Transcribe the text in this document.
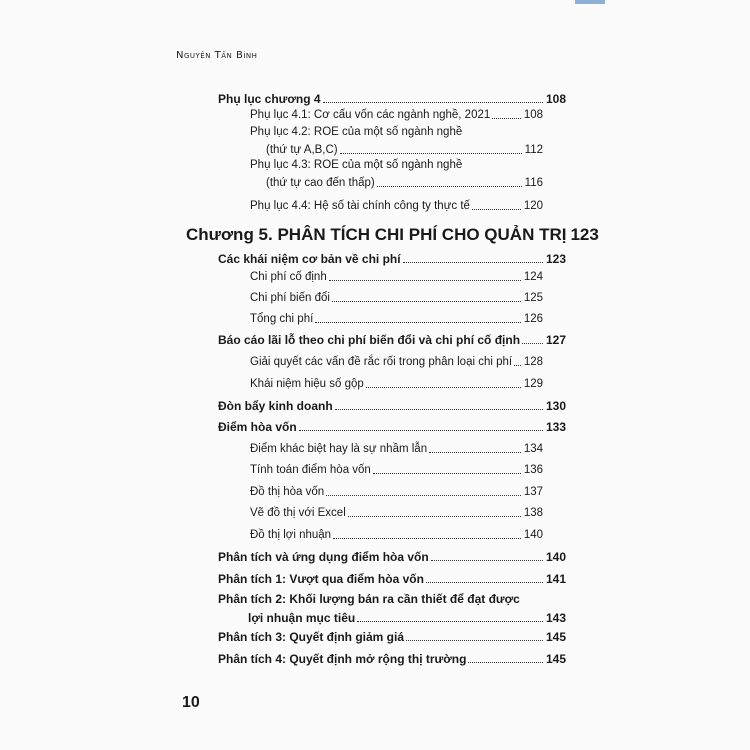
Nguyên Tấn Bình
Phụ lục chương 4	108
Phụ lục 4.1: Cơ cấu vốn các ngành nghề, 2021	108
Phụ lục 4.2: ROE của một số ngành nghề
(thứ tự A,B,C)	112
Phụ lục 4.3: ROE của một số ngành nghề
(thứ tự cao đến thấp)	116
Phụ lục 4.4: Hệ số tài chính công ty thực tế	120
Các khái niệm cơ bản về chi phí	123
Chi phí cố định	124
Chi phí biến đổi	125
Tổng chi phí	126
Báo cáo lãi lỗ theo chi phí biến đổi và chi phí cố định 127
Giải quyết các vấn đề rắc rối trong phân loại chi phí 128
Khái niệm hiệu số gộp	129
Đòn bẩy kinh doanh	130
Điểm hòa vốn	133
Điểm khác biệt hay là sự nhầm lẫn	134
Tính toán điểm hòa vốn	136
Đồ thị hòa vốn	137
Vẽ đồ thị với Excel	138
Đồ thị lợi nhuận	140
Phân tích và ứng dụng điểm hòa vốn	140
Phân tích 1: Vượt qua điểm hòa vốn	141
Phân tích 2: Khối lượng bán ra cần thiết để đạt được
lợi nhuận mục tiêu	143
Phân tích 3: Quyết định giảm giá	145
Phân tích 4: Quyết định mở rộng thị trường	145
Chương 5. PHÂN TÍCH CHI PHÍ CHO QUẢN TRỊ 123
10
